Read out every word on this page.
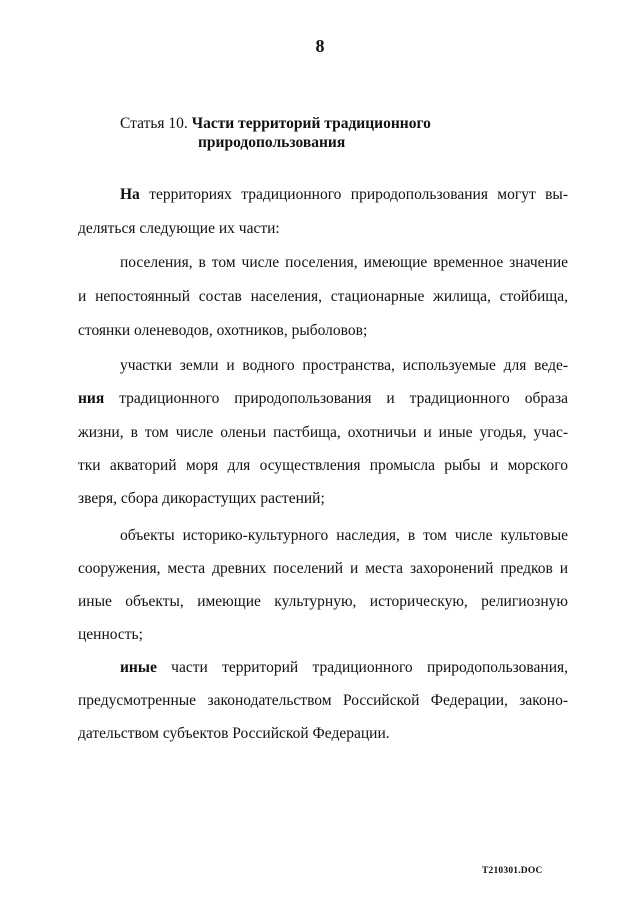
8
Статья 10. Части территорий традиционного
природопользования
На территориях традиционного природопользования могут вы-
деляться следующие их части:
поселения, в том числе поселения, имеющие временное значение
и непостоянный состав населения, стационарные жилища, стойбища,
стоянки оленеводов, охотников, рыболовов;
участки земли и водного пространства, используемые для веде-
ния традиционного природопользования и традиционного образа
жизни, в том числе оленьи пастбища, охотничьи и иные угодья, учас-
тки акваторий моря для осуществления промысла рыбы и морского
зверя, сбора дикорастущих растений;
объекты историко-культурного наследия, в том числе культовые
сооружения, места древних поселений и места захоронений предков и
иные объекты, имеющие культурную, историческую, религиозную
ценность;
иные части территорий традиционного природопользования,
предусмотренные законодательством Российской Федерации, законо-
дательством субъектов Российской Федерации.
T210301.DOC
